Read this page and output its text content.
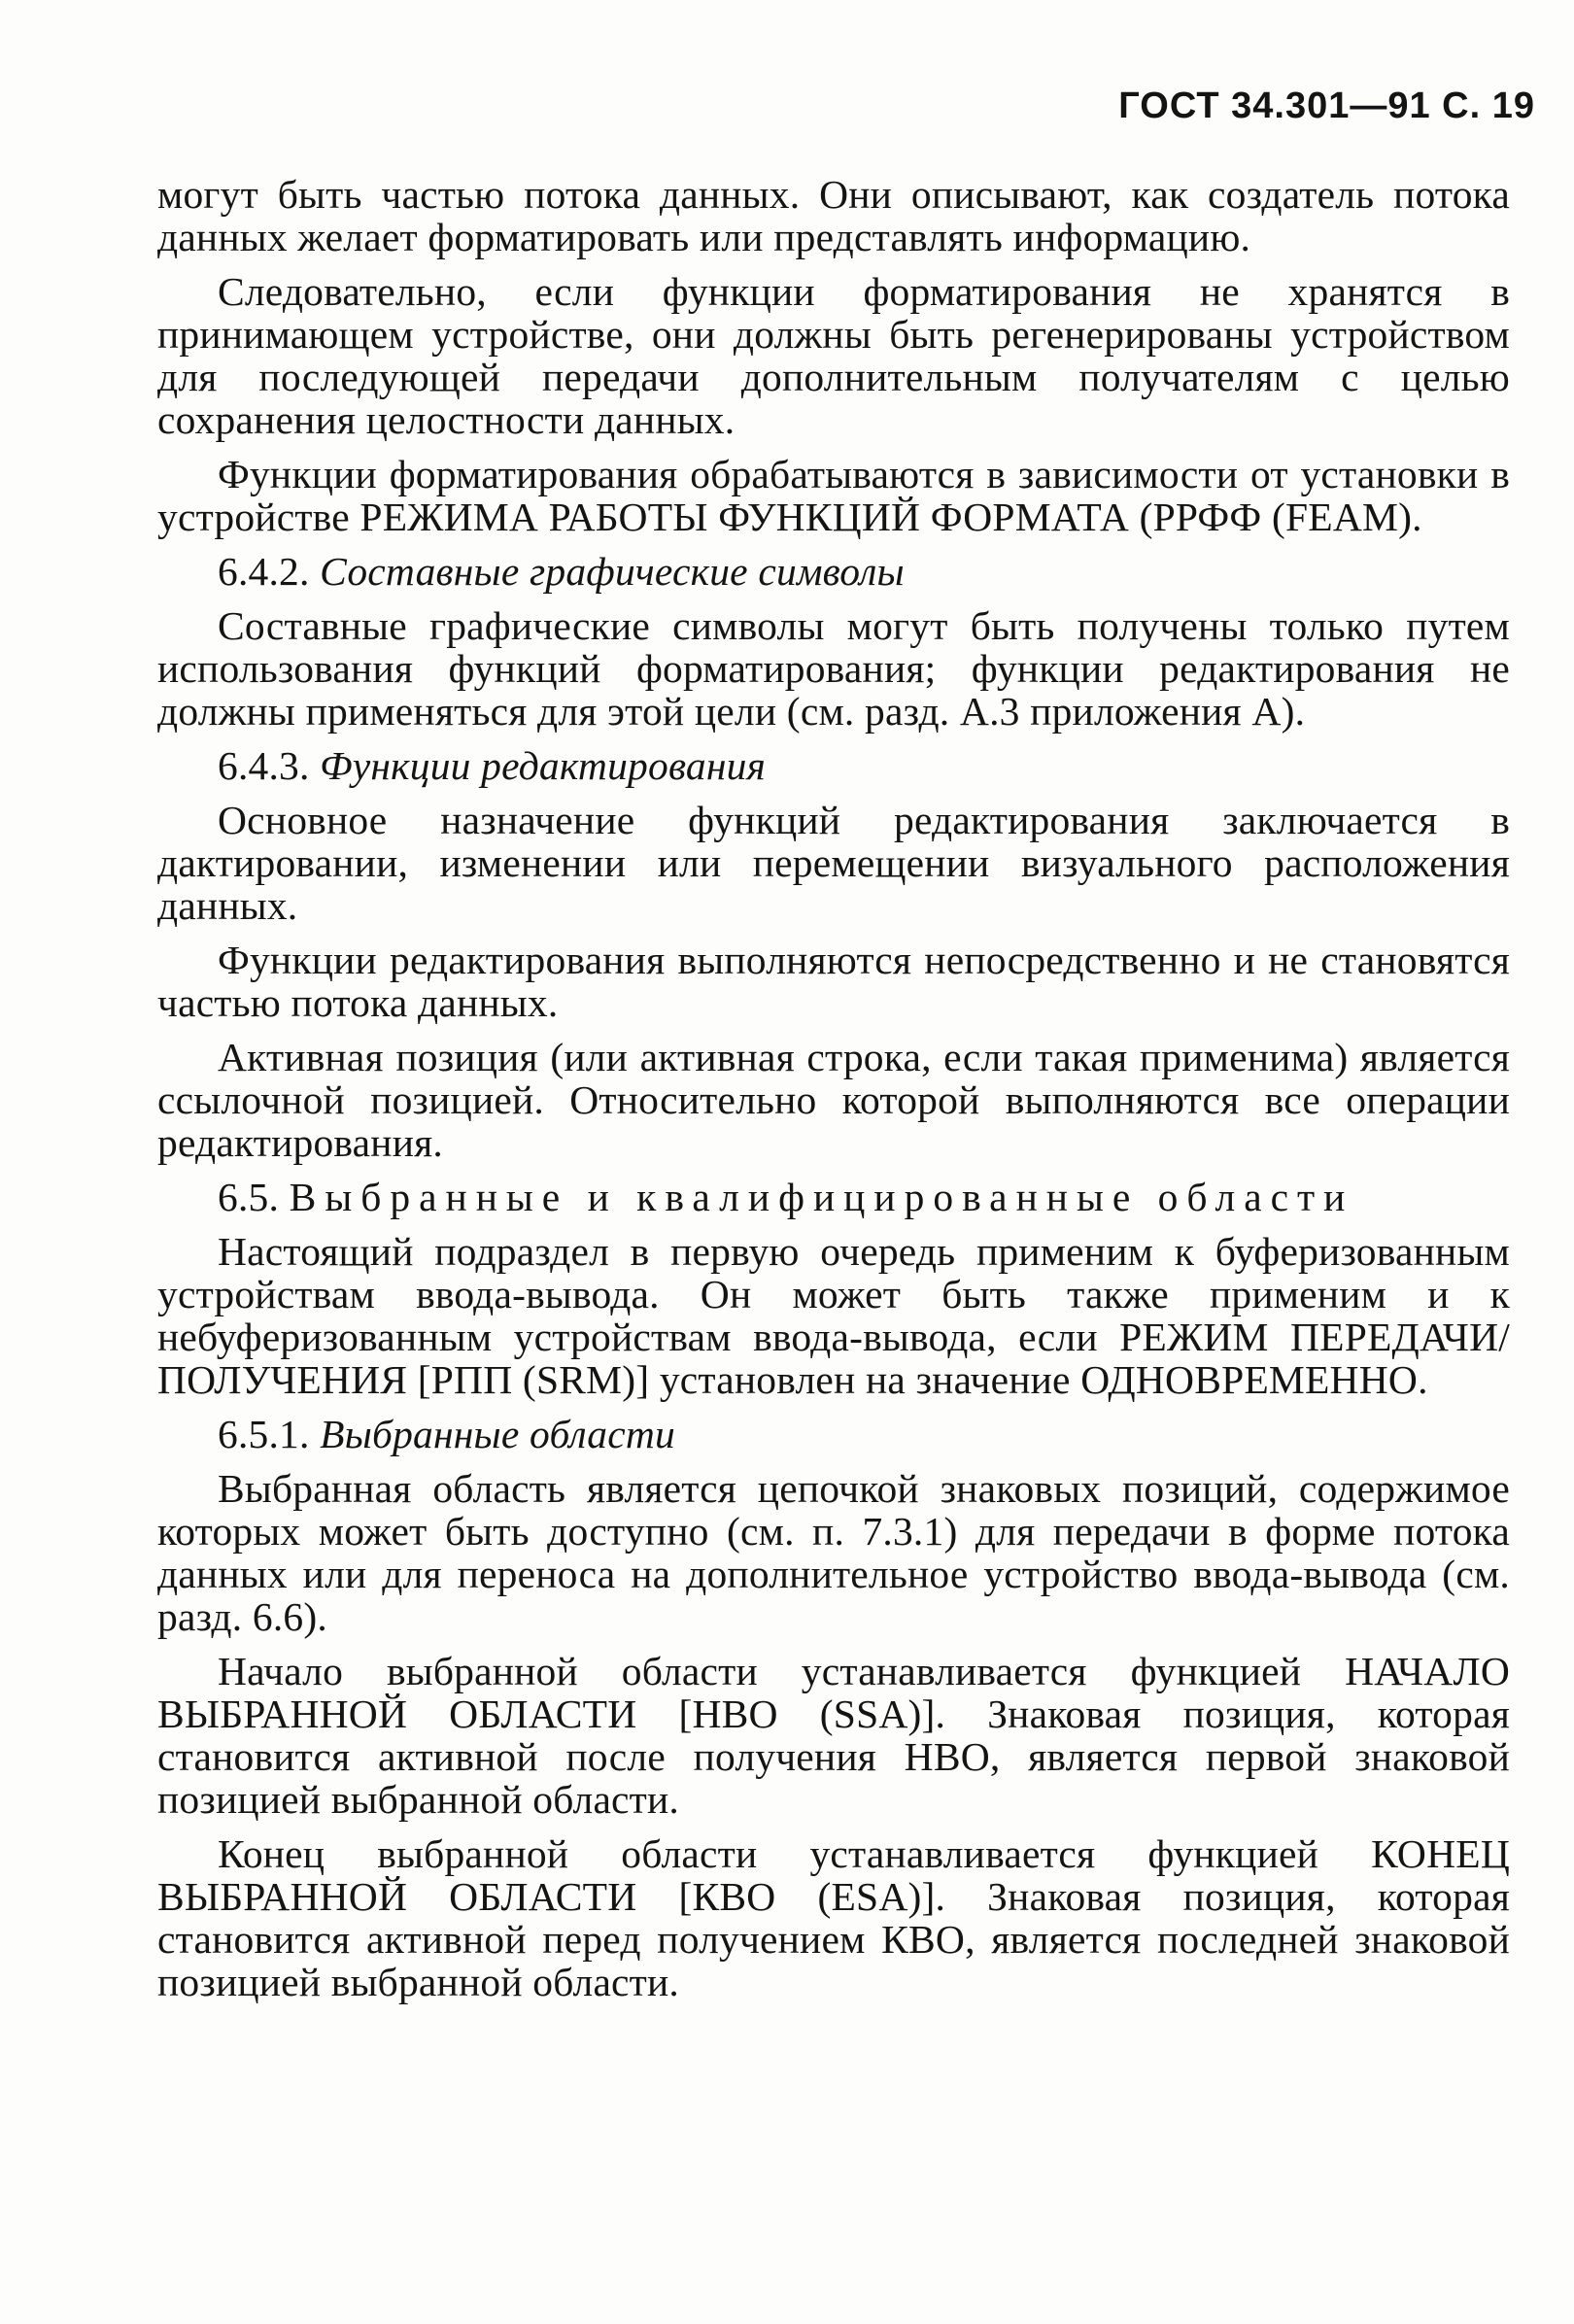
ГОСТ 34.301—91 С. 19

могут быть частью потока данных. Они описывают, как создатель потока данных желает форматировать или представлять информацию.

Следовательно, если функции форматирования не хранятся в принимающем устройстве, они должны быть регенерированы устройством для последующей передачи дополнительным получателям с целью сохранения целостности данных.

Функции форматирования обрабатываются в зависимости от установки в устройстве РЕЖИМА РАБОТЫ ФУНКЦИЙ ФОРМАТА (РРФФ (FEAM).

6.4.2. Составные графические символы

Составные графические символы могут быть получены только путем использования функций форматирования; функции редактирования не должны применяться для этой цели (см. разд. А.3 приложения А).

6.4.3. Функции редактирования

Основное назначение функций редактирования заключается в дактировании, изменении или перемещении визуального расположения данных.

Функции редактирования выполняются непосредственно и не становятся частью потока данных.

Активная позиция (или активная строка, если такая применима) является ссылочной позицией. Относительно которой выполняются все операции редактирования.

6.5. Выбранные и квалифицированные области

Настоящий подраздел в первую очередь применим к буферизованным устройствам ввода-вывода. Он может быть также применим и к небуферизованным устройствам ввода-вывода, если РЕЖИМ ПЕРЕДАЧИ/ПОЛУЧЕНИЯ [РПП (SRM)] установлен на значение ОДНОВРЕМЕННО.

6.5.1. Выбранные области

Выбранная область является цепочкой знаковых позиций, содержимое которых может быть доступно (см. п. 7.3.1) для передачи в форме потока данных или для переноса на дополнительное устройство ввода-вывода (см. разд. 6.6).

Начало выбранной области устанавливается функцией НАЧАЛО ВЫБРАННОЙ ОБЛАСТИ [НВО (SSA)]. Знаковая позиция, которая становится активной после получения НВО, является первой знаковой позицией выбранной области.

Конец выбранной области устанавливается функцией КОНЕЦ ВЫБРАННОЙ ОБЛАСТИ [КВО (ESA)]. Знаковая позиция, которая становится активной перед получением КВО, является последней знаковой позицией выбранной области.
